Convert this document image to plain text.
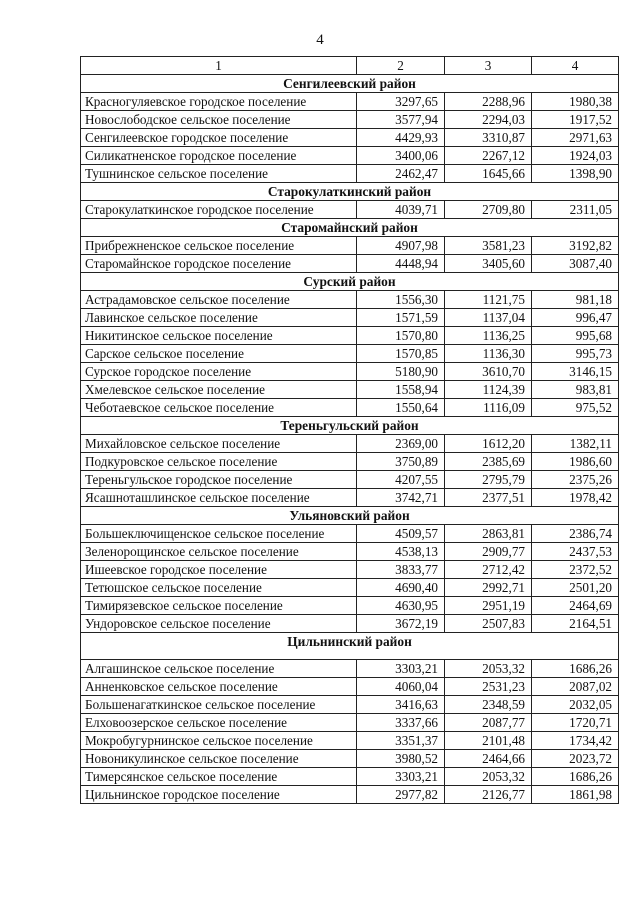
4
1	2	3	4
Сенгилеевский район			
Красногуляевское городское поселение	3297,65	2288,96	1980,38
Новослободское сельское поселение	3577,94	2294,03	1917,52
Сенгилеевское городское поселение	4429,93	3310,87	2971,63
Силикатненское городское поселение	3400,06	2267,12	1924,03
Тушнинское сельское поселение	2462,47	1645,66	1398,90
Старокулаткинский район			
Старокулаткинское городское поселение	4039,71	2709,80	2311,05
Старомайнский район			
Прибрежненское сельское поселение	4907,98	3581,23	3192,82
Старомайнское городское поселение	4448,94	3405,60	3087,40
Сурский район			
Астрадамовское сельское поселение	1556,30	1121,75	981,18
Лавинское сельское поселение	1571,59	1137,04	996,47
Никитинское сельское поселение	1570,80	1136,25	995,68
Сарское сельское поселение	1570,85	1136,30	995,73
Сурское городское поселение	5180,90	3610,70	3146,15
Хмелевское сельское поселение	1558,94	1124,39	983,81
Чеботаевское сельское поселение	1550,64	1116,09	975,52
Тереньгульский район			
Михайловское сельское поселение	2369,00	1612,20	1382,11
Подкуровское сельское поселение	3750,89	2385,69	1986,60
Тереньгульское городское поселение	4207,55	2795,79	2375,26
Ясашноташлинское сельское поселение	3742,71	2377,51	1978,42
Ульяновский район			
Большеключищенское сельское поселение	4509,57	2863,81	2386,74
Зеленорощинское сельское поселение	4538,13	2909,77	2437,53
Ишеевское городское поселение	3833,77	2712,42	2372,52
Тетюшское сельское поселение	4690,40	2992,71	2501,20
Тимирязевское сельское поселение	4630,95	2951,19	2464,69
Ундоровское сельское поселение	3672,19	2507,83	2164,51
Цильнинский район			
Алгашинское сельское поселение	3303,21	2053,32	1686,26
Анненковское сельское поселение	4060,04	2531,23	2087,02
Большенагаткинское сельское поселение	3416,63	2348,59	2032,05
Елховоозерское сельское поселение	3337,66	2087,77	1720,71
Мокробугурнинское сельское поселение	3351,37	2101,48	1734,42
Новоникулинское сельское поселение	3980,52	2464,66	2023,72
Тимерсянское сельское поселение	3303,21	2053,32	1686,26
Цильнинское городское поселение	2977,82	2126,77	1861,98
